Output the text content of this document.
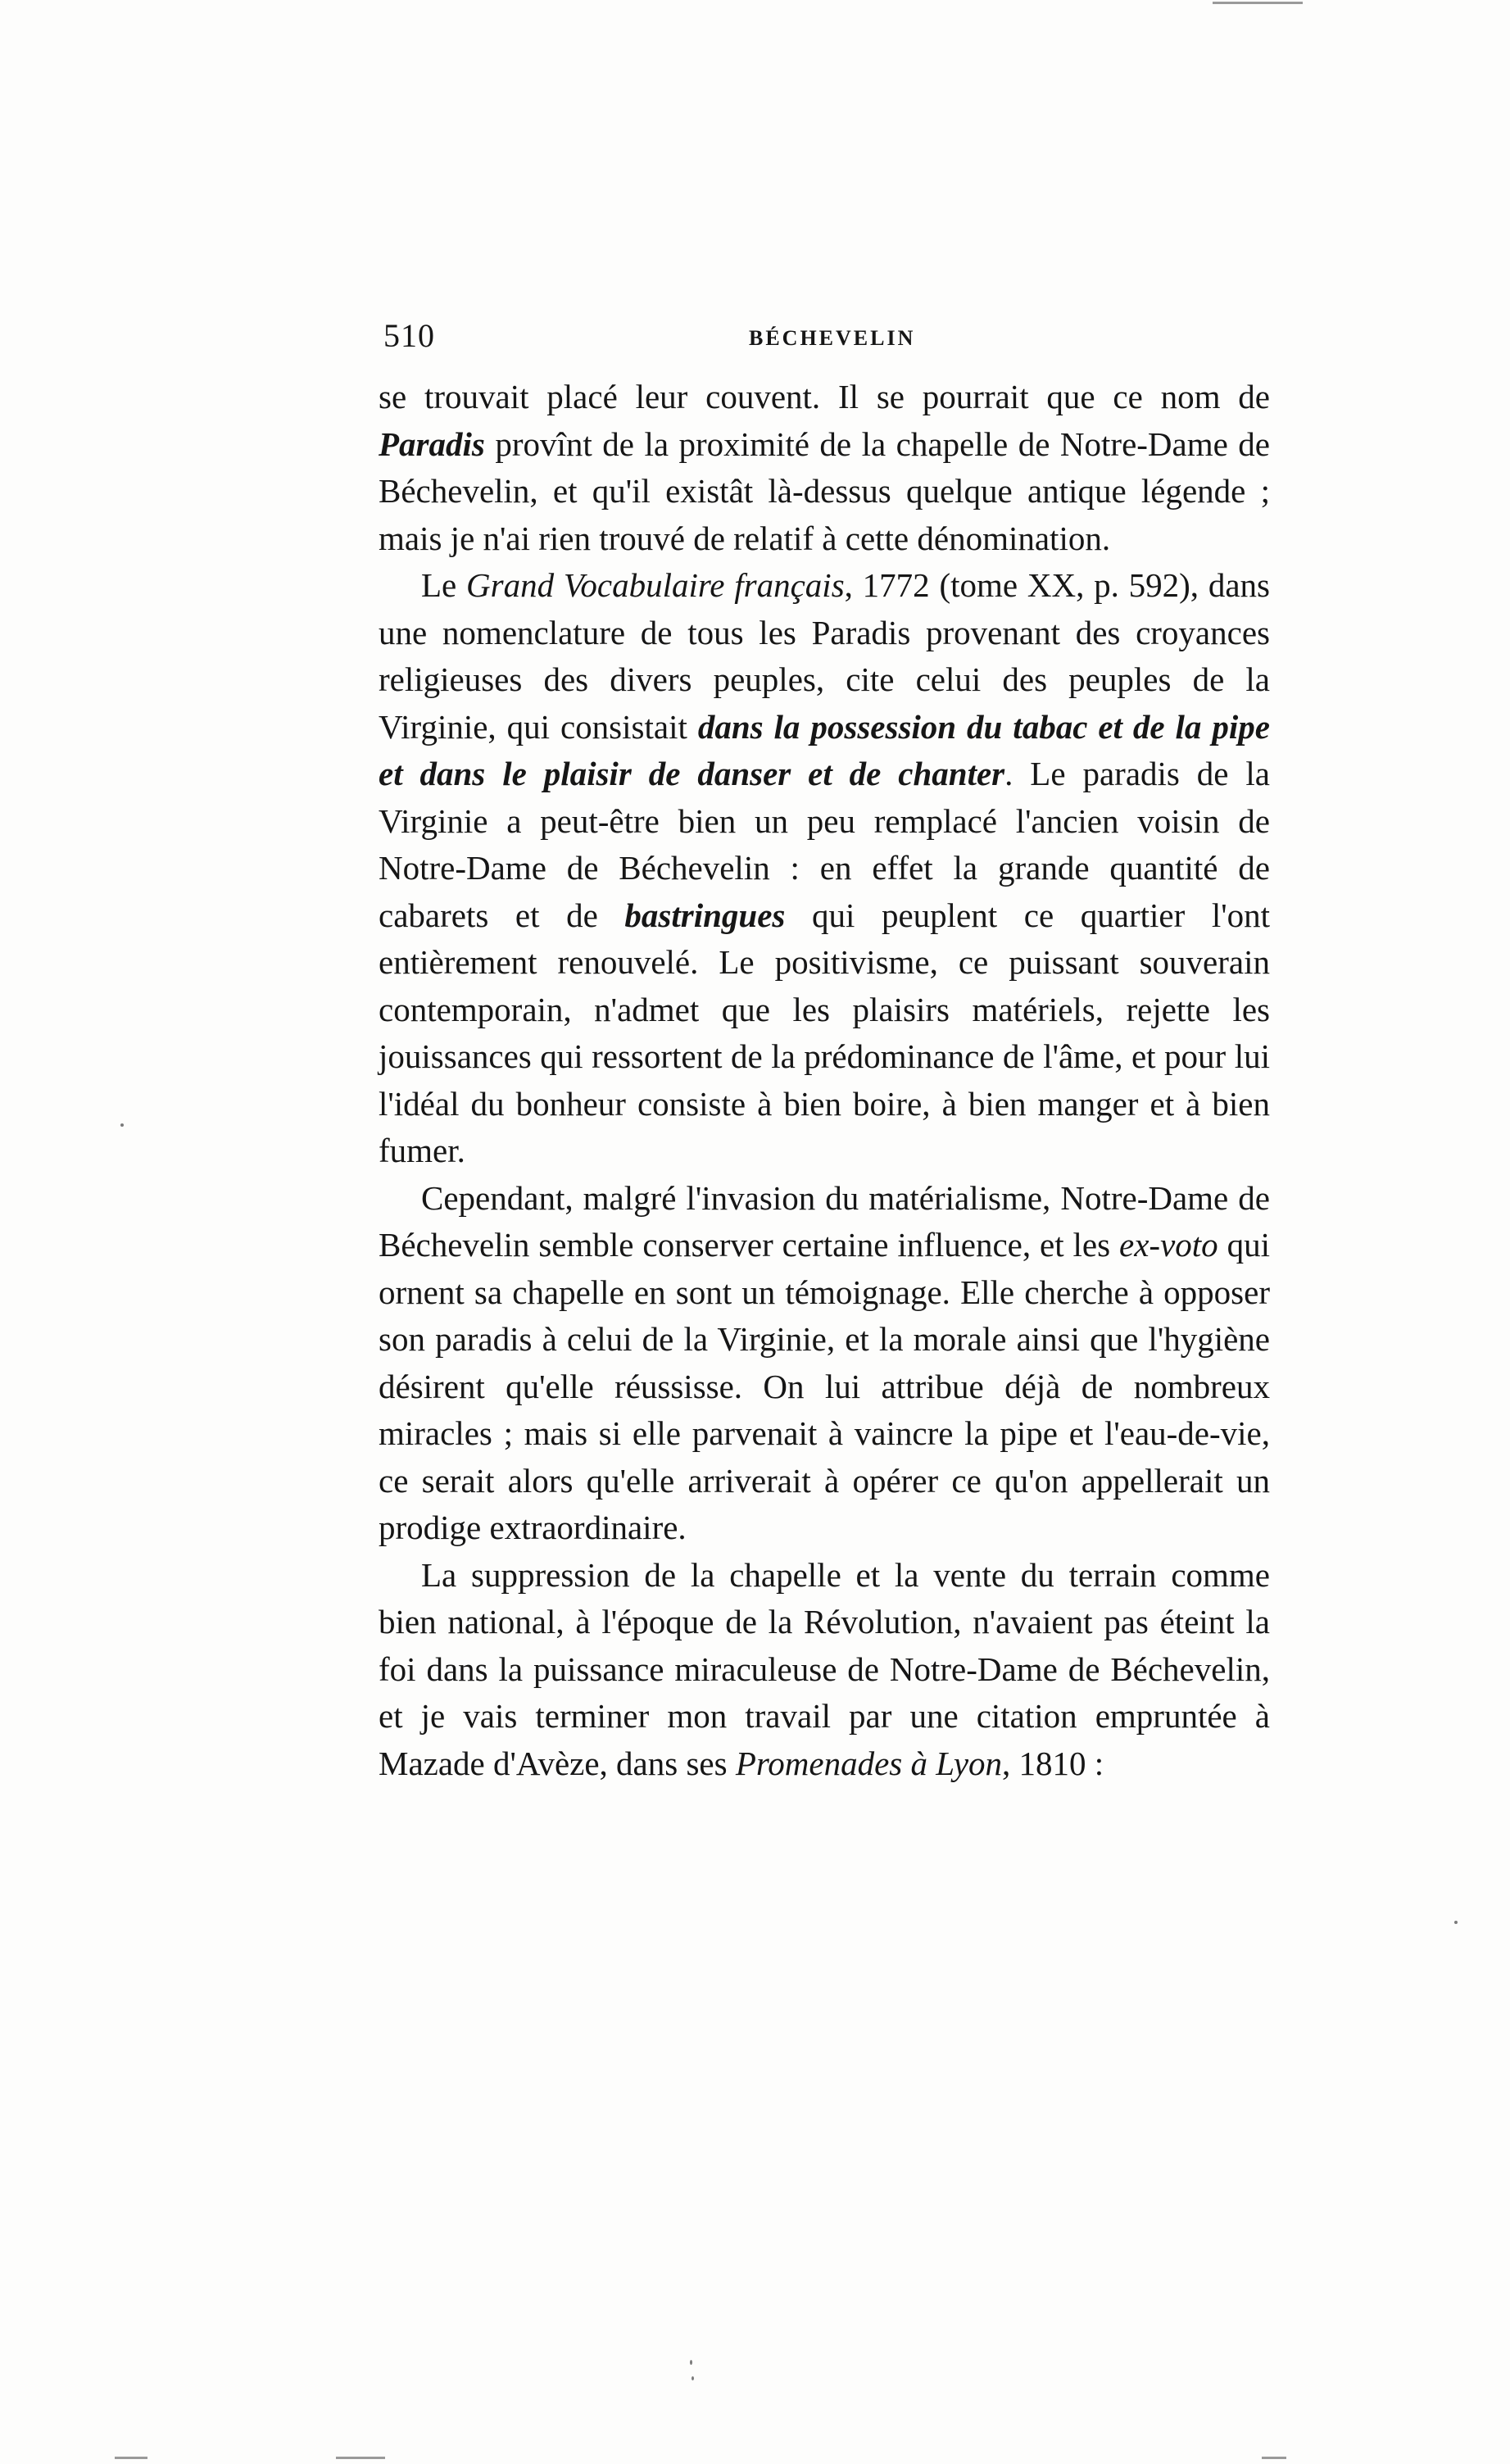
510	BÉCHEVELIN

se trouvait placé leur couvent. Il se pourrait que ce nom de Paradis provînt de la proximité de la chapelle de Notre-Dame de Béchevelin, et qu'il existât là-dessus quelque antique légende ; mais je n'ai rien trouvé de relatif à cette dénomination.

Le Grand Vocabulaire français, 1772 (tome XX, p. 592), dans une nomenclature de tous les Paradis provenant des croyances religieuses des divers peuples, cite celui des peuples de la Virginie, qui consistait dans la possession du tabac et de la pipe et dans le plaisir de danser et de chanter. Le paradis de la Virginie a peut-être bien un peu remplacé l'ancien voisin de Notre-Dame de Béchevelin : en effet la grande quantité de cabarets et de bastringues qui peuplent ce quartier l'ont entièrement renouvelé. Le positivisme, ce puissant souverain contemporain, n'admet que les plaisirs matériels, rejette les jouissances qui ressortent de la prédominance de l'âme, et pour lui l'idéal du bonheur consiste à bien boire, à bien manger et à bien fumer.

Cependant, malgré l'invasion du matérialisme, Notre-Dame de Béchevelin semble conserver certaine influence, et les ex-voto qui ornent sa chapelle en sont un témoignage. Elle cherche à opposer son paradis à celui de la Virginie, et la morale ainsi que l'hygiène désirent qu'elle réussisse. On lui attribue déjà de nombreux miracles ; mais si elle parvenait à vaincre la pipe et l'eau-de-vie, ce serait alors qu'elle arriverait à opérer ce qu'on appellerait un prodige extraordinaire.

La suppression de la chapelle et la vente du terrain comme bien national, à l'époque de la Révolution, n'avaient pas éteint la foi dans la puissance miraculeuse de Notre-Dame de Béchevelin, et je vais terminer mon travail par une citation empruntée à Mazade d'Avèze, dans ses Promenades à Lyon, 1810 :
